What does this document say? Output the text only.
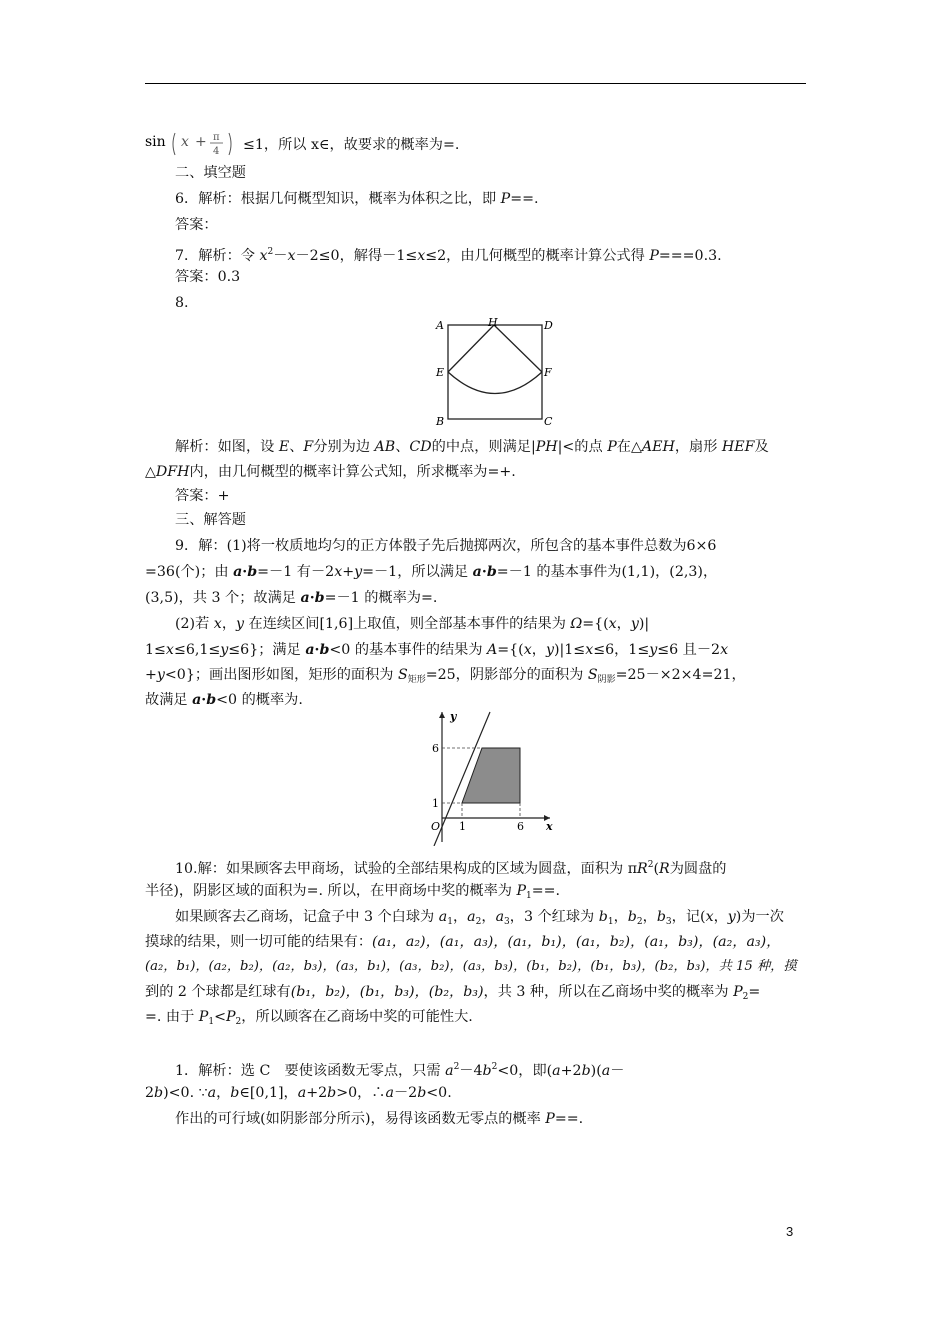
sin x + π
4 ≤1，所以 x∈，故要求的概率为=.
二、填空题
6．解析：根据几何概型知识，概率为体积之比，即 P==.
答案：
7．解析：令 $x^2-x-2\le 0$，解得－1≤x≤2，由几何概型的概率计算公式得 P===0.3.
答案：0.3
8.
A	H	D
E	F
B	C
解析：如图，设 E、F分别为边 AB、CD的中点，则满足|PH|<的点 P在△AEH，扇形 HEF及
△DFH内，由几何概型的概率计算公式知，所求概率为=+.
答案：+
三、解答题
9．解：(1)将一枚质地均匀的正方体骰子先后抛掷两次，所包含的基本事件总数为6×6
=36(个)；由 a·b=－1 有－2x+y=－1，所以满足 a·b=－1 的基本事件为(1,1)，(2,3)，
(3,5)，共 3 个；故满足 a·b=－1 的概率为=.
(2)若 x，y 在连续区间[1,6]上取值，则全部基本事件的结果为 Ω={(x，y)|
1≤x≤6,1≤y≤6}；满足 a·b<0 的基本事件的结果为 A={(x，y)|1≤x≤6，1≤y≤6 且－2x
+y<0}；画出图形如图，矩形的面积为 $S_{矩形}=25$，阴影部分的面积为 $S_{阴影}=25-\times 2\times 4=21$，
故满足 a·b<0 的概率为.
y
x
O 1	6
1
6
10.解：如果顾客去甲商场，试验的全部结果构成的区域为圆盘，面积为 $\pi R^2(R$为圆盘的
半径)，阴影区域的面积为=. 所以，在甲商场中奖的概率为 $P_1==$.
如果顾客去乙商场，记盒子中 3 个白球为 $a_1$，$a_2$，$a_3$，3 个红球为 $b_1$，$b_2$，$b_3$，记(x，y)为一次
摸球的结果，则一切可能的结果有：(a₁，a₂)，(a₁，a₃)，(a₁，b₁)，(a₁，b₂)，(a₁，b₃)，(a₂，a₃)，
(a₂，b₁)，(a₂，b₂)，(a₂，b₃)，(a₃，b₁)，(a₃，b₂)，(a₃，b₃)，(b₁，b₂)，(b₁，b₃)，(b₂，b₃)，共 15 种，摸
到的 2 个球都是红球有(b₁，b₂)，(b₁，b₃)，(b₂，b₃)，共 3 种，所以在乙商场中奖的概率为 $P_2=$
=. 由于 $P_1<P_2$，所以顾客在乙商场中奖的可能性大.
1．解析：选 C　要使该函数无零点，只需 $a^2-4b^2<0$，即(a+2b)(a－
2b)<0. ∵a，b∈[0,1]，a+2b>0，∴a－2b<0.
作出的可行域(如阴影部分所示)，易得该函数无零点的概率 P==.
3
